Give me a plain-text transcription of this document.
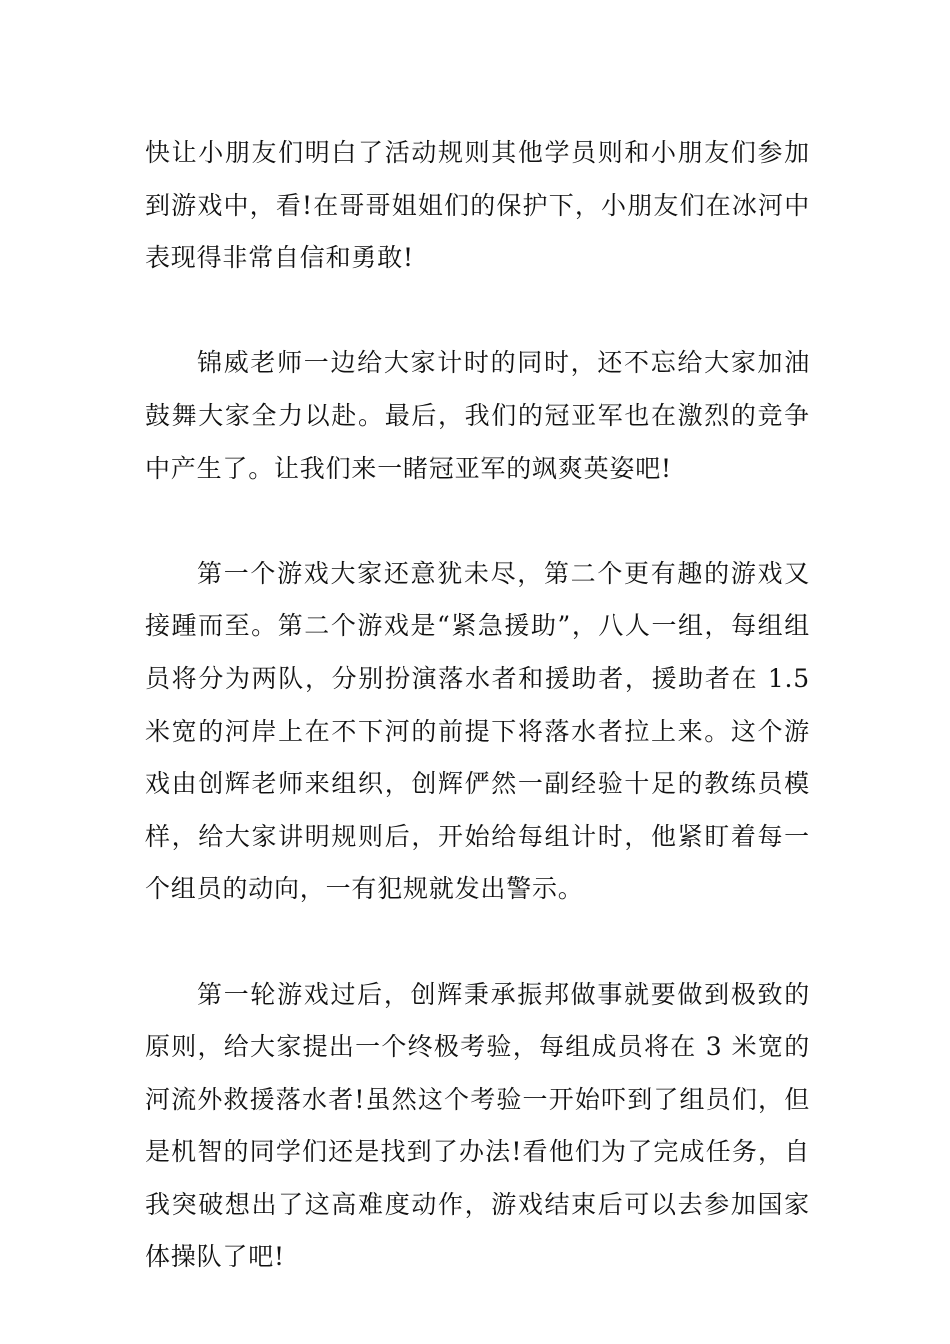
快让小朋友们明白了活动规则其他学员则和小朋友们参加到游戏中，看!在哥哥姐姐们的保护下，小朋友们在冰河中表现得非常自信和勇敢!

锦威老师一边给大家计时的同时，还不忘给大家加油鼓舞大家全力以赴。最后，我们的冠亚军也在激烈的竞争中产生了。让我们来一睹冠亚军的飒爽英姿吧!

第一个游戏大家还意犹未尽，第二个更有趣的游戏又接踵而至。第二个游戏是“紧急援助”，八人一组，每组组员将分为两队，分别扮演落水者和援助者，援助者在 1.5 米宽的河岸上在不下河的前提下将落水者拉上来。这个游戏由创辉老师来组织，创辉俨然一副经验十足的教练员模样，给大家讲明规则后，开始给每组计时，他紧盯着每一个组员的动向，一有犯规就发出警示。

第一轮游戏过后，创辉秉承振邦做事就要做到极致的原则，给大家提出一个终极考验，每组成员将在 3 米宽的河流外救援落水者!虽然这个考验一开始吓到了组员们，但是机智的同学们还是找到了办法!看他们为了完成任务，自我突破想出了这高难度动作，游戏结束后可以去参加国家体操队了吧!
